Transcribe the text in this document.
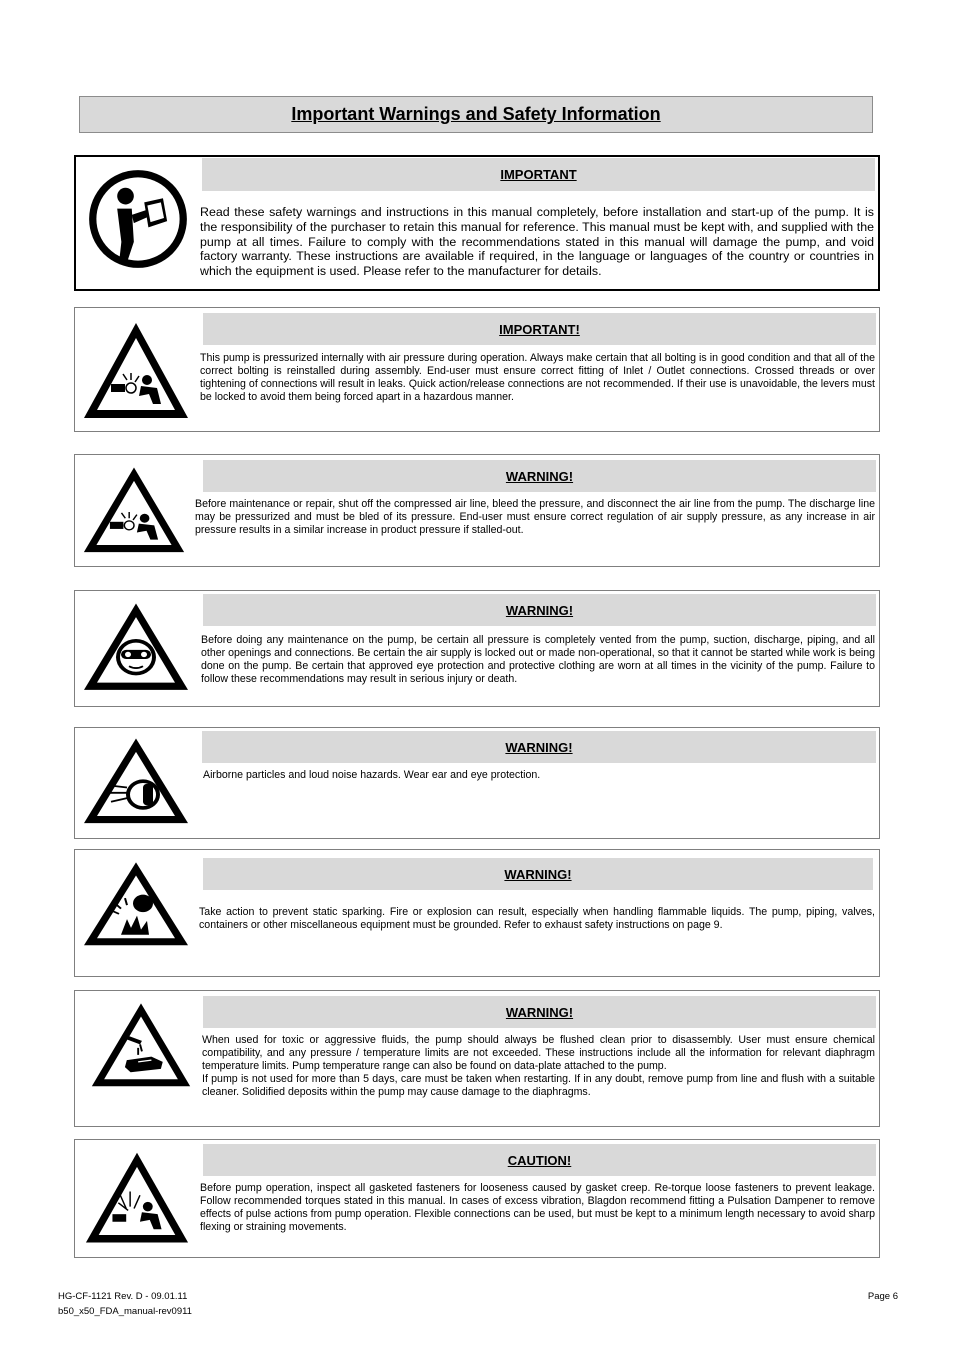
Important Warnings and Safety Information
IMPORTANT

Read these safety warnings and instructions in this manual completely, before installation and start-up of the pump. It is the responsibility of the purchaser to retain this manual for reference. This manual must be kept with, and supplied with the pump at all times. Failure to comply with the recommendations stated in this manual will damage the pump, and void factory warranty. These instructions are available if required, in the language or languages of the country or countries in which the equipment is used. Please refer to the manufacturer for details.

IMPORTANT!

This pump is pressurized internally with air pressure during operation. Always make certain that all bolting is in good condition and that all of the correct bolting is reinstalled during assembly. End-user must ensure correct fitting of Inlet / Outlet connections. Crossed threads or over tightening of connections will result in leaks. Quick action/release connections are not recommended. If their use is unavoidable, the levers must be locked to avoid them being forced apart in a hazardous manner.

WARNING!

Before maintenance or repair, shut off the compressed air line, bleed the pressure, and disconnect the air line from the pump. The discharge line may be pressurized and must be bled of its pressure. End-user must ensure correct regulation of air supply pressure, as any increase in air pressure results in a similar increase in product pressure if stalled-out.

WARNING!

Before doing any maintenance on the pump, be certain all pressure is completely vented from the pump, suction, discharge, piping, and all other openings and connections. Be certain the air supply is locked out or made non-operational, so that it cannot be started while work is being done on the pump. Be certain that approved eye protection and protective clothing are worn at all times in the vicinity of the pump. Failure to follow these recommendations may result in serious injury or death.

WARNING!

Airborne particles and loud noise hazards. Wear ear and eye protection.

WARNING!

Take action to prevent static sparking. Fire or explosion can result, especially when handling flammable liquids. The pump, piping, valves, containers or other miscellaneous equipment must be grounded. Refer to exhaust safety instructions on page 9.

WARNING!

When used for toxic or aggressive fluids, the pump should always be flushed clean prior to disassembly. User must ensure chemical compatibility, and any pressure / temperature limits are not exceeded. These instructions include all the information for relevant diaphragm temperature limits. Pump temperature range can also be found on data-plate attached to the pump.

If pump is not used for more than 5 days, care must be taken when restarting. If in any doubt, remove pump from line and flush with a suitable cleaner. Solidified deposits within the pump may cause damage to the diaphragms.

CAUTION!

Before pump operation, inspect all gasketed fasteners for looseness caused by gasket creep. Re-torque loose fasteners to prevent leakage. Follow recommended torques stated in this manual. In cases of excess vibration, Blagdon recommend fitting a Pulsation Dampener to remove effects of pulse actions from pump operation. Flexible connections can be used, but must be kept to a minimum length necessary to avoid sharp flexing or straining movements.

HG-CF-1121 Rev. D - 09.01.11
b50_x50_FDA_manual-rev0911
Page 6
